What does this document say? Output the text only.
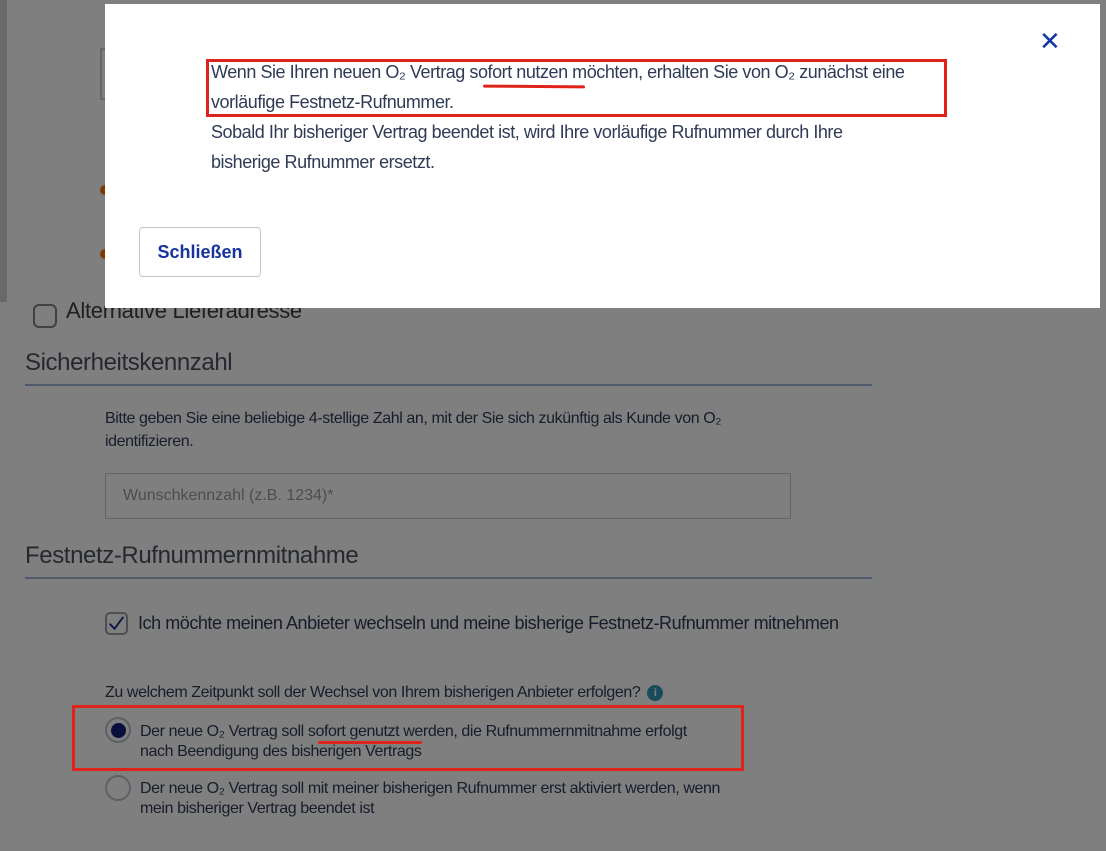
Wunschkennzahl (z.B. 1234)*
✕
Wenn Sie Ihren neuen O₂ Vertrag sofort nutzen möchten, erhalten Sie von O₂ zunächst eine
vorläufige Festnetz-Rufnummer.
Sobald Ihr bisheriger Vertrag beendet ist, wird Ihre vorläufige Rufnummer durch Ihre
bisherige Rufnummer ersetzt.
Schließen
